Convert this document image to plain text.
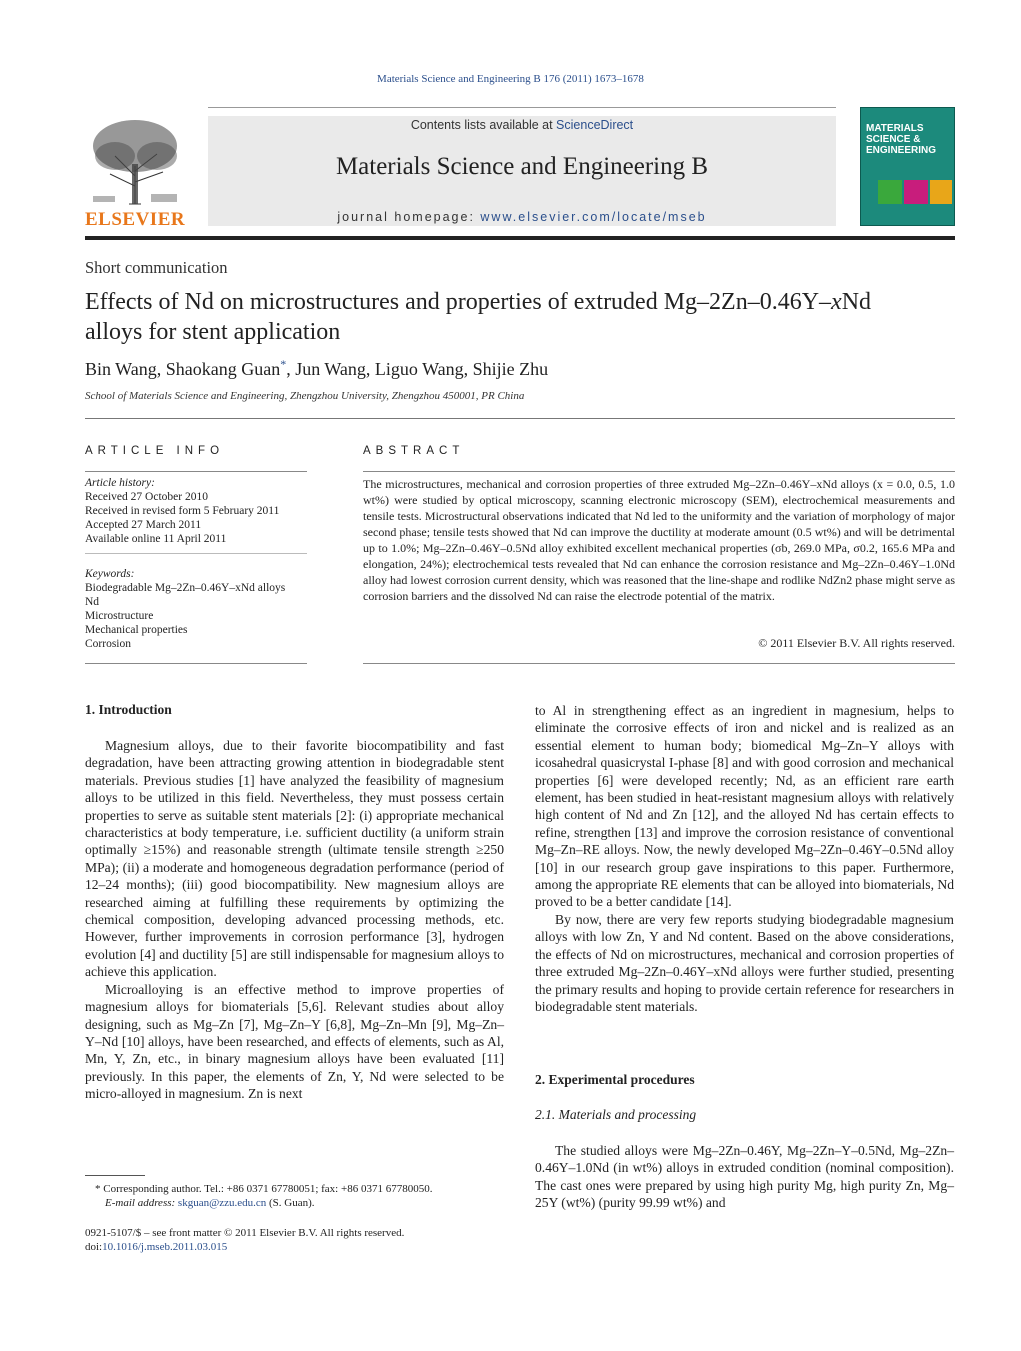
Materials Science and Engineering B 176 (2011) 1673–1678
ELSEVIER
Contents lists available at ScienceDirect
Materials Science and Engineering B
journal homepage: www.elsevier.com/locate/mseb
MATERIALS SCIENCE & ENGINEERING
Short communication
Effects of Nd on microstructures and properties of extruded Mg–2Zn–0.46Y–xNd
alloys for stent application
Bin Wang, Shaokang Guan*, Jun Wang, Liguo Wang, Shijie Zhu
School of Materials Science and Engineering, Zhengzhou University, Zhengzhou 450001, PR China
ARTICLE INFO	ABSTRACT
Article history:
Received 27 October 2010
Received in revised form 5 February 2011
Accepted 27 March 2011
Available online 11 April 2011
Keywords:
Biodegradable Mg–2Zn–0.46Y–xNd alloys
Nd
Microstructure
Mechanical properties
Corrosion
The microstructures, mechanical and corrosion properties of three extruded Mg–2Zn–0.46Y–xNd alloys (x = 0.0, 0.5, 1.0 wt%) were studied by optical microscopy, scanning electronic microscopy (SEM), electrochemical measurements and tensile tests. Microstructural observations indicated that Nd led to the uniformity and the variation of morphology of major second phase; tensile tests showed that Nd can improve the ductility at moderate amount (0.5 wt%) and will be detrimental up to 1.0%; Mg–2Zn–0.46Y–0.5Nd alloy exhibited excellent mechanical properties (σb, 269.0 MPa, σ0.2, 165.6 MPa and elongation, 24%); electrochemical tests revealed that Nd can enhance the corrosion resistance and Mg–2Zn–0.46Y–1.0Nd alloy had lowest corrosion current density, which was reasoned that the line-shape and rodlike NdZn2 phase might serve as corrosion barriers and the dissolved Nd can raise the electrode potential of the matrix.
© 2011 Elsevier B.V. All rights reserved.
1. Introduction

Magnesium alloys, due to their favorite biocompatibility and fast degradation, have been attracting growing attention in biodegradable stent materials. Previous studies [1] have analyzed the feasibility of magnesium alloys to be utilized in this field. Nevertheless, they must possess certain properties to serve as suitable stent materials [2]: (i) appropriate mechanical characteristics at body temperature, i.e. sufficient ductility (a uniform strain optimally ≥15%) and reasonable strength (ultimate tensile strength ≥250 MPa); (ii) a moderate and homogeneous degradation performance (period of 12–24 months); (iii) good biocompatibility. New magnesium alloys are researched aiming at fulfilling these requirements by optimizing the chemical composition, developing advanced processing methods, etc. However, further improvements in corrosion performance [3], hydrogen evolution [4] and ductility [5] are still indispensable for magnesium alloys to achieve this application.

Microalloying is an effective method to improve properties of magnesium alloys for biomaterials [5,6]. Relevant studies about alloy designing, such as Mg–Zn [7], Mg–Zn–Y [6,8], Mg–Zn–Mn [9], Mg–Zn–Y–Nd [10] alloys, have been researched, and effects of elements, such as Al, Mn, Y, Zn, etc., in binary magnesium alloys have been evaluated [11] previously. In this paper, the elements of Zn, Y, Nd were selected to be micro-alloyed in magnesium. Zn is next

to Al in strengthening effect as an ingredient in magnesium, helps to eliminate the corrosive effects of iron and nickel and is realized as an essential element to human body; biomedical Mg–Zn–Y alloys with icosahedral quasicrystal I-phase [8] and with good corrosion and mechanical properties [6] were developed recently; Nd, as an efficient rare earth element, has been studied in heat-resistant magnesium alloys with relatively high content of Nd and Zn [12], and the alloyed Nd has certain effects to refine, strengthen [13] and improve the corrosion resistance of conventional Mg–Zn–RE alloys. Now, the newly developed Mg–2Zn–0.46Y–0.5Nd alloy [10] in our research group gave inspirations to this paper. Furthermore, among the appropriate RE elements that can be alloyed into biomaterials, Nd proved to be a better candidate [14].

By now, there are very few reports studying biodegradable magnesium alloys with low Zn, Y and Nd content. Based on the above considerations, the effects of Nd on microstructures, mechanical and corrosion properties of three extruded Mg–2Zn–0.46Y–xNd alloys were further studied, presenting the primary results and hoping to provide certain reference for researchers in biodegradable stent materials.

2. Experimental procedures
2.1. Materials and processing

The studied alloys were Mg–2Zn–0.46Y, Mg–2Zn–Y–0.5Nd, Mg–2Zn–0.46Y–1.0Nd (in wt%) alloys in extruded condition (nominal composition). The cast ones were prepared by using high purity Mg, high purity Zn, Mg–25Y (wt%) (purity 99.99 wt%) and

* Corresponding author. Tel.: +86 0371 67780051; fax: +86 0371 67780050.
E-mail address: skguan@zzu.edu.cn (S. Guan).
0921-5107/$ – see front matter © 2011 Elsevier B.V. All rights reserved.
doi:10.1016/j.mseb.2011.03.015
